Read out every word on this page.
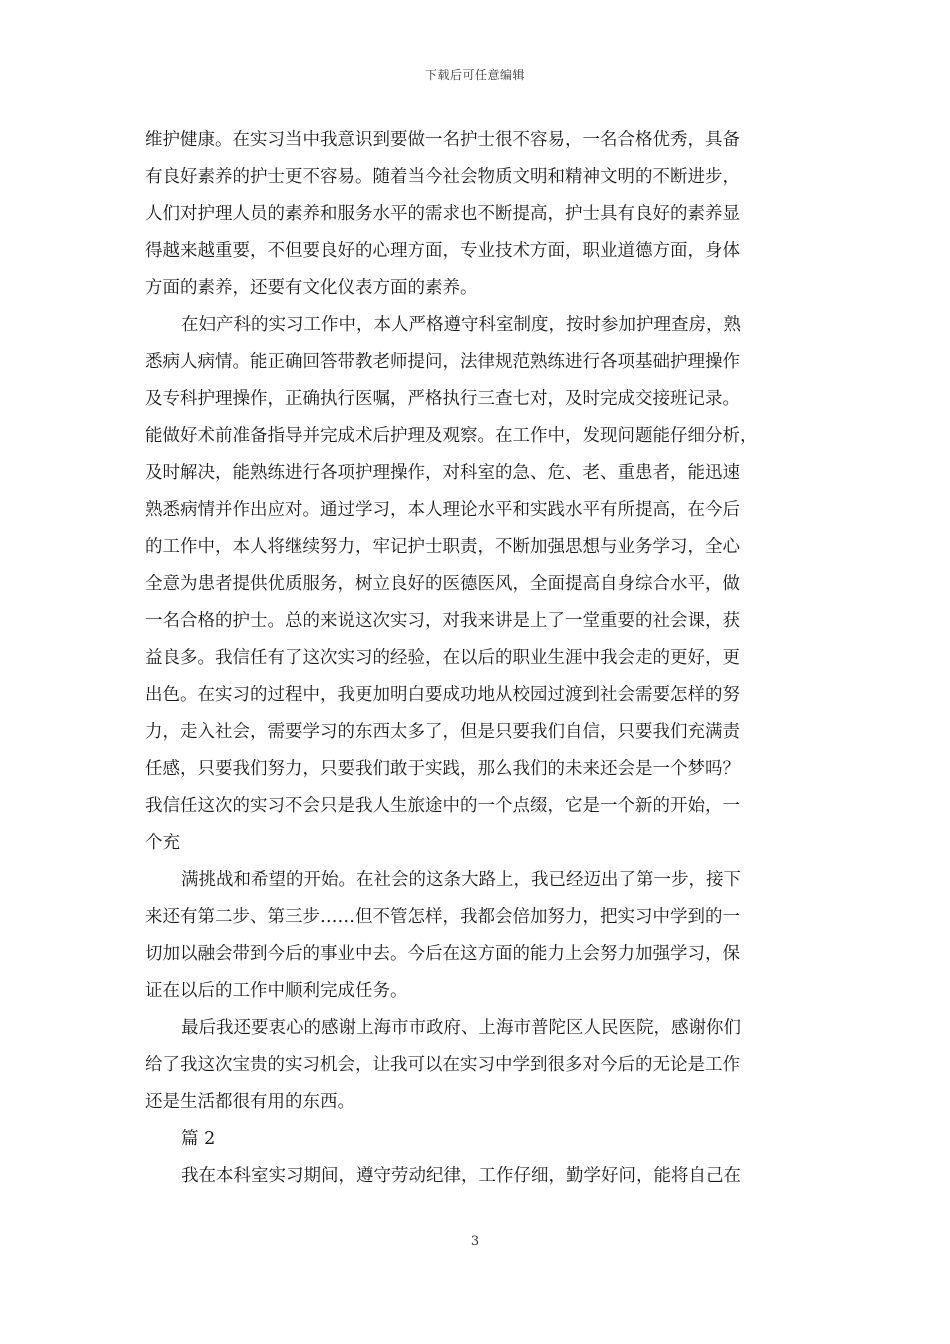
下载后可任意编辑
维护健康。在实习当中我意识到要做一名护士很不容易，一名合格优秀，具备
有良好素养的护士更不容易。随着当今社会物质文明和精神文明的不断进步，
人们对护理人员的素养和服务水平的需求也不断提高，护士具有良好的素养显
得越来越重要，不但要良好的心理方面，专业技术方面，职业道德方面，身体
方面的素养，还要有文化仪表方面的素养。
在妇产科的实习工作中，本人严格遵守科室制度，按时参加护理查房，熟
悉病人病情。能正确回答带教老师提问，法律规范熟练进行各项基础护理操作
及专科护理操作，正确执行医嘱，严格执行三查七对，及时完成交接班记录。
能做好术前准备指导并完成术后护理及观察。在工作中，发现问题能仔细分析，
及时解决，能熟练进行各项护理操作，对科室的急、危、老、重患者，能迅速
熟悉病情并作出应对。通过学习，本人理论水平和实践水平有所提高，在今后
的工作中，本人将继续努力，牢记护士职责，不断加强思想与业务学习，全心
全意为患者提供优质服务，树立良好的医德医风，全面提高自身综合水平，做
一名合格的护士。总的来说这次实习，对我来讲是上了一堂重要的社会课，获
益良多。我信任有了这次实习的经验，在以后的职业生涯中我会走的更好，更
出色。在实习的过程中，我更加明白要成功地从校园过渡到社会需要怎样的努
力，走入社会，需要学习的东西太多了，但是只要我们自信，只要我们充满责
任感，只要我们努力，只要我们敢于实践，那么我们的未来还会是一个梦吗？
我信任这次的实习不会只是我人生旅途中的一个点缀，它是一个新的开始，一
个充
满挑战和希望的开始。在社会的这条大路上，我已经迈出了第一步，接下
来还有第二步、第三步……但不管怎样，我都会倍加努力，把实习中学到的一
切加以融会带到今后的事业中去。今后在这方面的能力上会努力加强学习，保
证在以后的工作中顺利完成任务。
最后我还要衷心的感谢上海市市政府、上海市普陀区人民医院，感谢你们
给了我这次宝贵的实习机会，让我可以在实习中学到很多对今后的无论是工作
还是生活都很有用的东西。
篇 2
我在本科室实习期间，遵守劳动纪律，工作仔细，勤学好问，能将自己在
3
